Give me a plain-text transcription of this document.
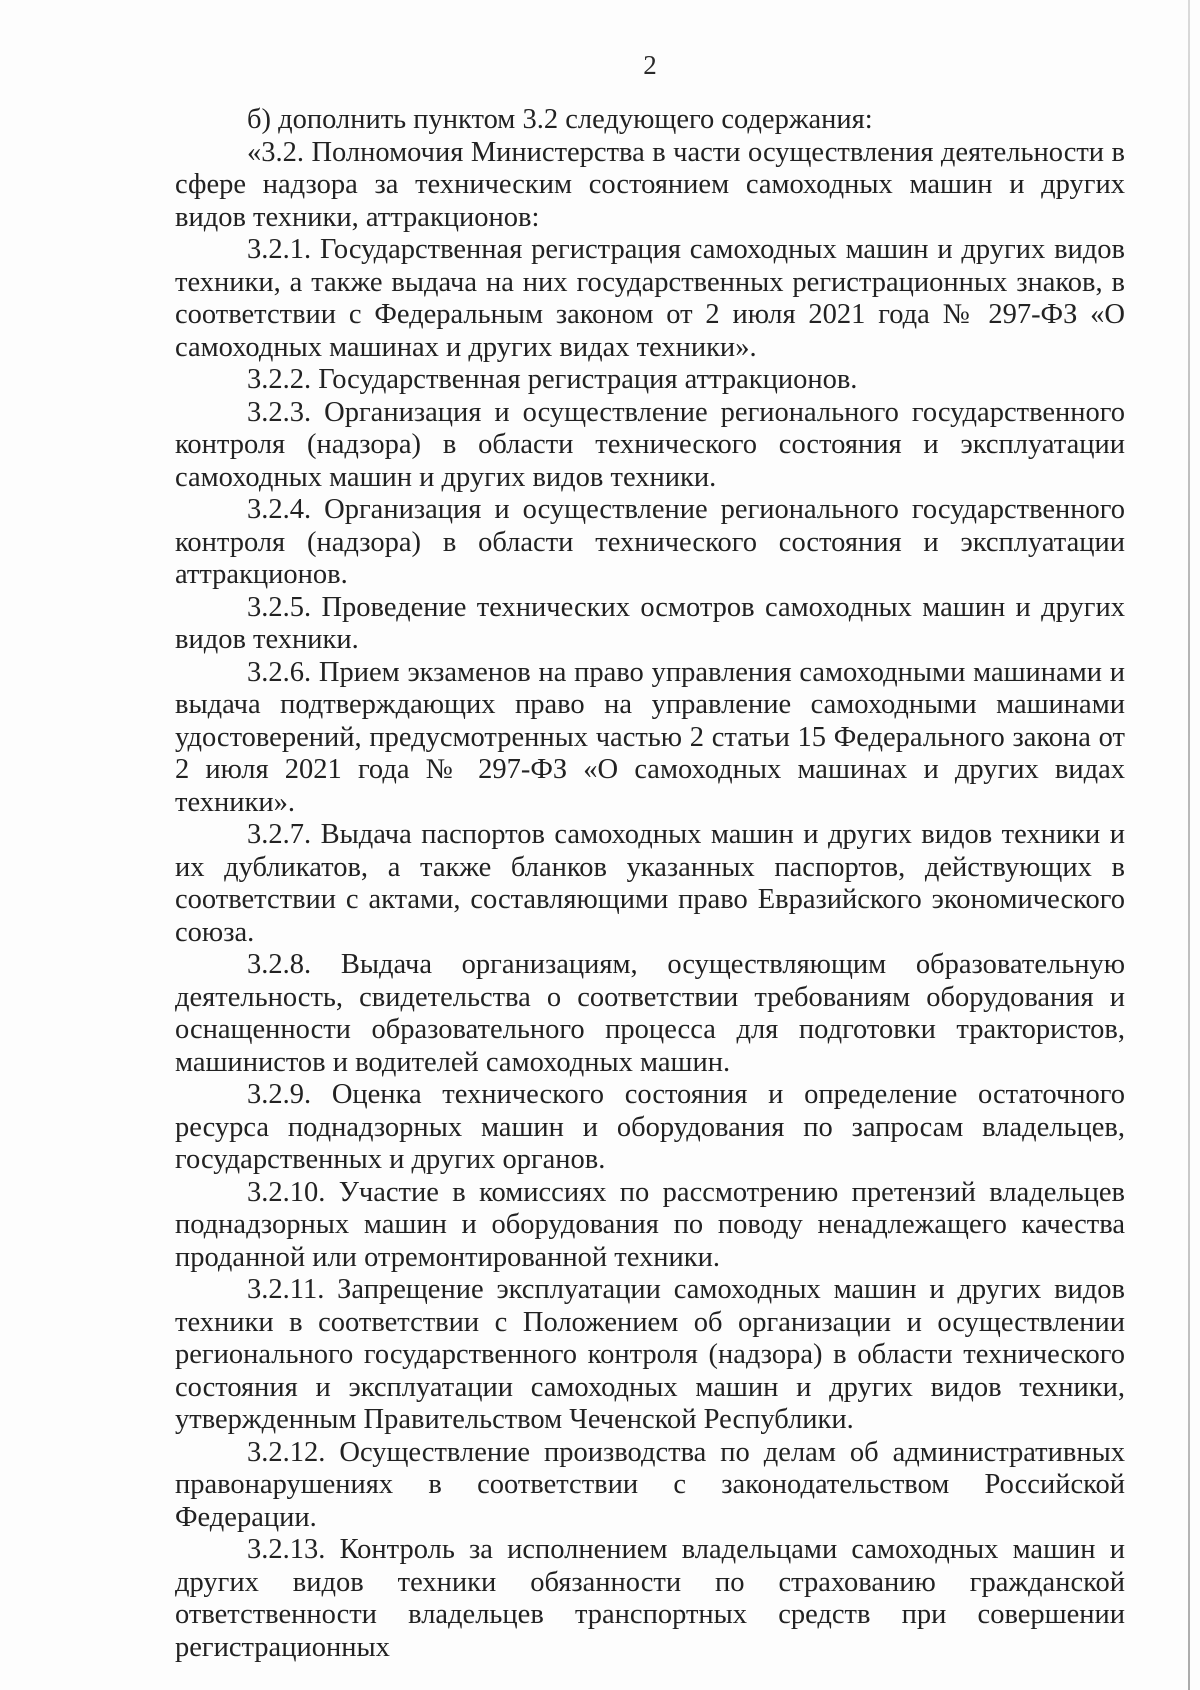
2

б) дополнить пунктом 3.2 следующего содержания:

«3.2. Полномочия Министерства в части осуществления деятельности в сфере надзора за техническим состоянием самоходных машин и других видов техники, аттракционов:

3.2.1. Государственная регистрация самоходных машин и других видов техники, а также выдача на них государственных регистрационных знаков, в соответствии с Федеральным законом от 2 июля 2021 года № 297-ФЗ «О самоходных машинах и других видах техники».

3.2.2. Государственная регистрация аттракционов.

3.2.3. Организация и осуществление регионального государственного контроля (надзора) в области технического состояния и эксплуатации самоходных машин и других видов техники.

3.2.4. Организация и осуществление регионального государственного контроля (надзора) в области технического состояния и эксплуатации аттракционов.

3.2.5. Проведение технических осмотров самоходных машин и других видов техники.

3.2.6. Прием экзаменов на право управления самоходными машинами и выдача подтверждающих право на управление самоходными машинами удостоверений, предусмотренных частью 2 статьи 15 Федерального закона от 2 июля 2021 года № 297-ФЗ «О самоходных машинах и других видах техники».

3.2.7. Выдача паспортов самоходных машин и других видов техники и их дубликатов, а также бланков указанных паспортов, действующих в соответствии с актами, составляющими право Евразийского экономического союза.

3.2.8. Выдача организациям, осуществляющим образовательную деятельность, свидетельства о соответствии требованиям оборудования и оснащенности образовательного процесса для подготовки трактористов, машинистов и водителей самоходных машин.

3.2.9. Оценка технического состояния и определение остаточного ресурса поднадзорных машин и оборудования по запросам владельцев, государственных и других органов.

3.2.10. Участие в комиссиях по рассмотрению претензий владельцев поднадзорных машин и оборудования по поводу ненадлежащего качества проданной или отремонтированной техники.

3.2.11. Запрещение эксплуатации самоходных машин и других видов техники в соответствии с Положением об организации и осуществлении регионального государственного контроля (надзора) в области технического состояния и эксплуатации самоходных машин и других видов техники, утвержденным Правительством Чеченской Республики.

3.2.12. Осуществление производства по делам об административных правонарушениях в соответствии с законодательством Российской Федерации.

3.2.13. Контроль за исполнением владельцами самоходных машин и других видов техники обязанности по страхованию гражданской ответственности владельцев транспортных средств при совершении регистрационных
